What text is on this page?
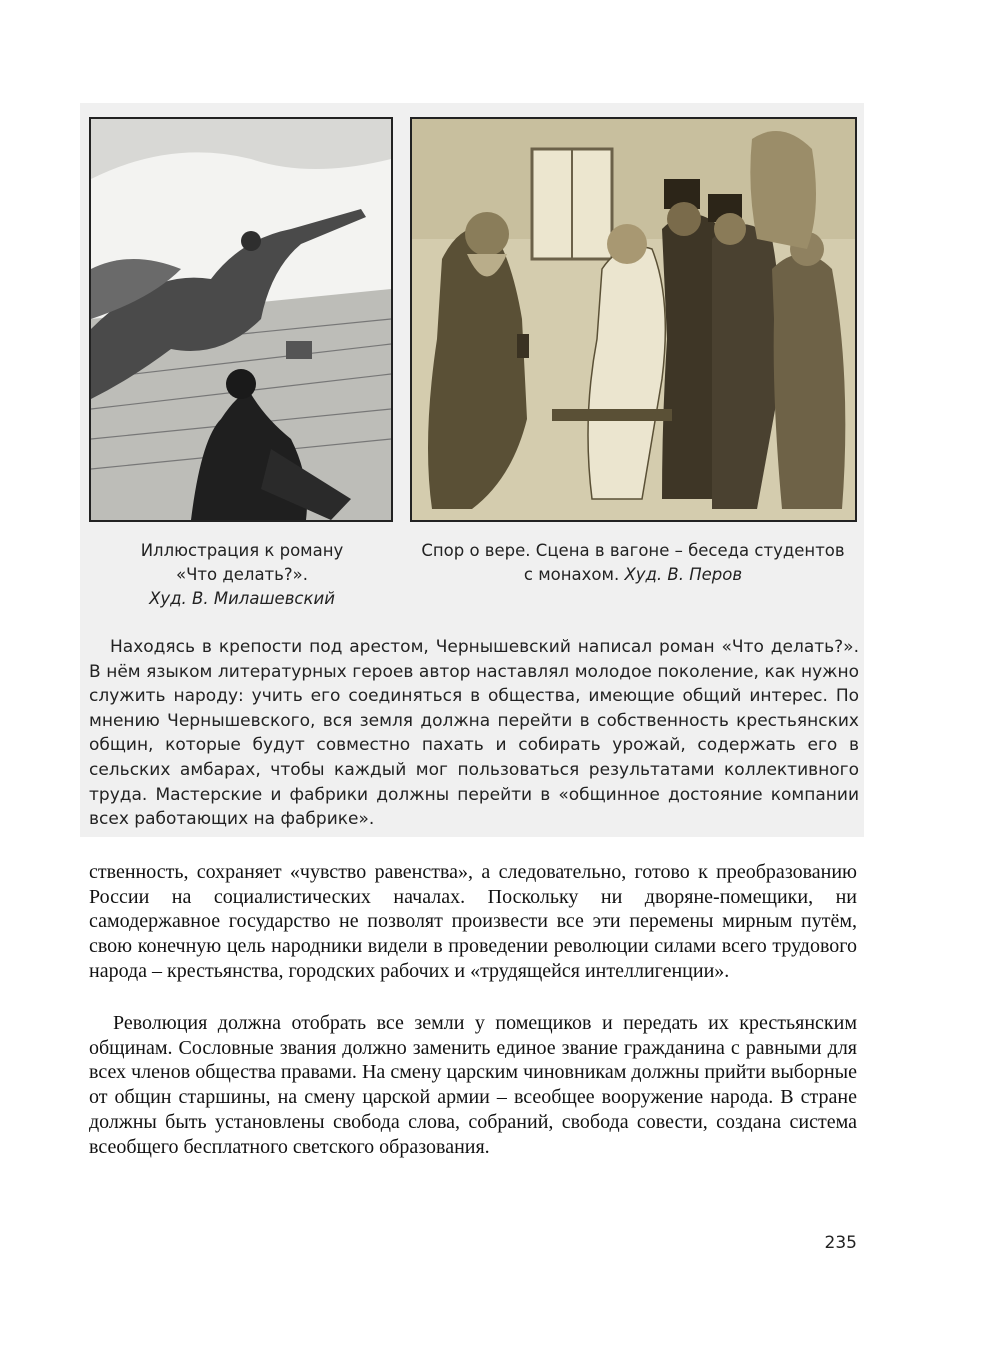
Иллюстрация к роману
«Что делать?».
Худ. В. Милашевский
Спор о вере. Сцена в вагоне – беседа студентов
с монахом. Худ. В. Перов

Находясь в крепости под арестом, Чернышевский написал роман «Что делать?». В нём языком литературных героев автор наставлял молодое поколение, как нужно служить народу: учить его соединяться в общества, имеющие общий интерес. По мнению Чернышевского, вся земля должна перейти в собственность крестьянских общин, которые будут совместно пахать и собирать урожай, содержать его в сельских амбарах, чтобы каждый мог пользоваться результатами коллективного труда. Мастерские и фабрики должны перейти в «общинное достояние компании всех работающих на фабрике».

ственность, сохраняет «чувство равенства», а следовательно, готово к преобразованию России на социалистических началах. Поскольку ни дворяне-помещики, ни самодержавное государство не позволят произвести все эти перемены мирным путём, свою конечную цель народники видели в проведении революции силами всего трудового народа – крестьянства, городских рабочих и «трудящейся интеллигенции».

Революция должна отобрать все земли у помещиков и передать их крестьянским общинам. Сословные звания должно заменить единое звание гражданина с равными для всех членов общества правами. На смену царским чиновникам должны прийти выборные от общин старшины, на смену царской армии – всеобщее вооружение народа. В стране должны быть установлены свобода слова, собраний, свобода совести, создана система всеобщего бесплатного светского образования.

235
